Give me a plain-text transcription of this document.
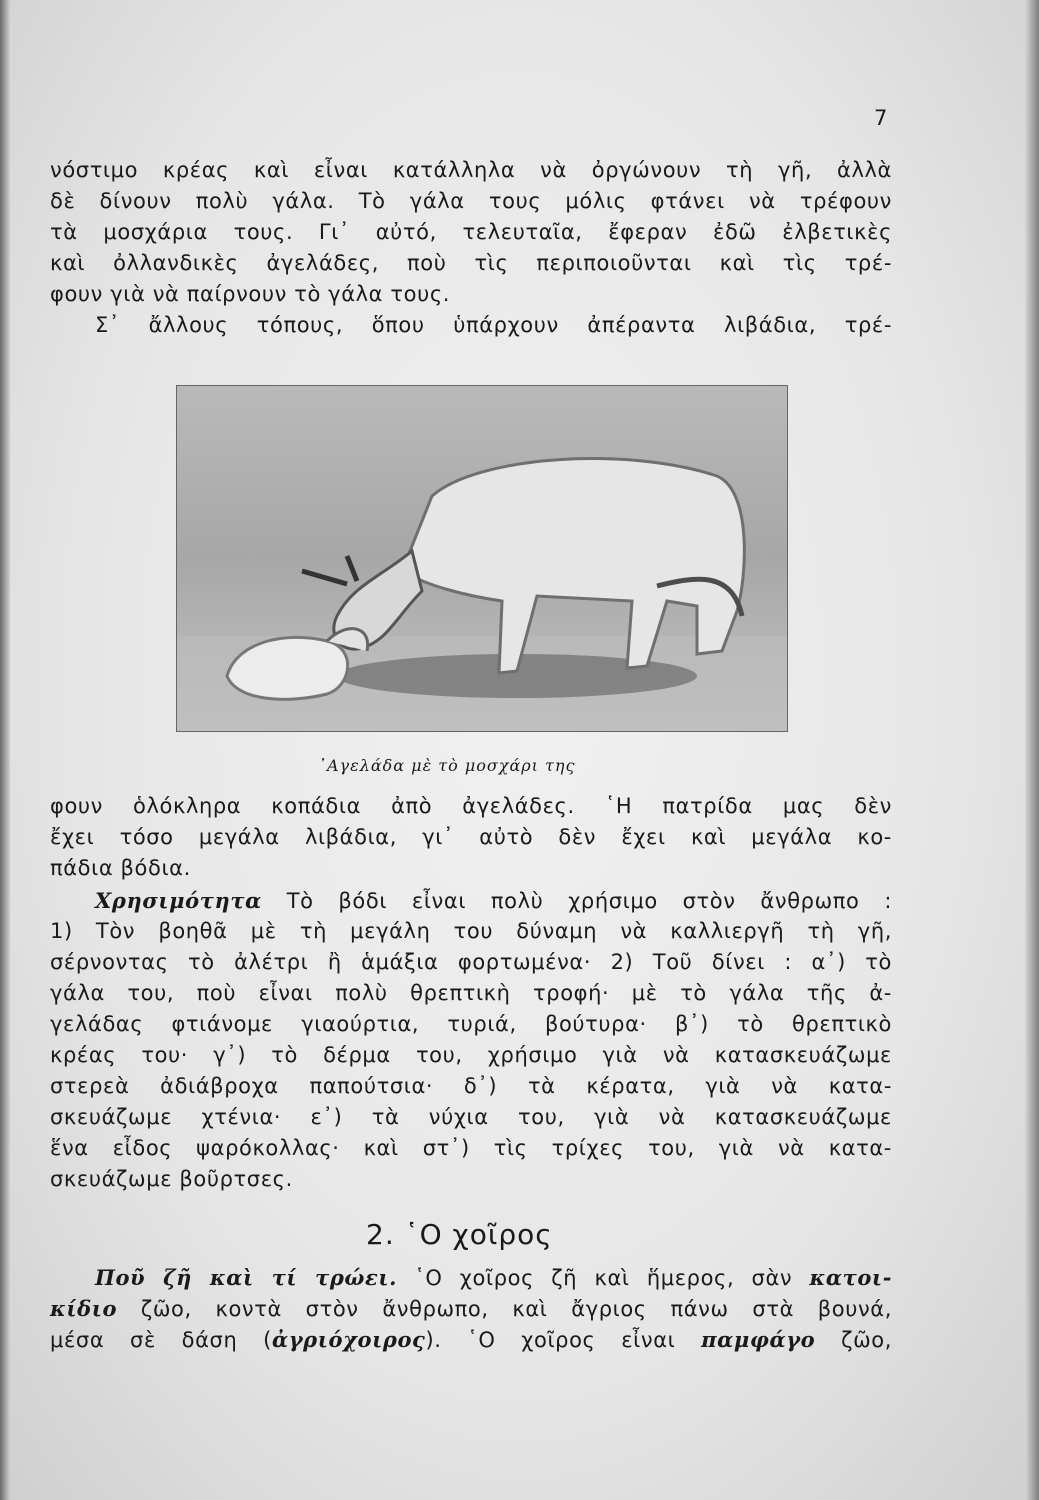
7
νόστιμο κρέας καὶ εἶναι κατάλληλα νὰ ὀργώνουν τὴ γῆ, ἀλλὰ
δὲ δίνουν πολὺ γάλα. Τὸ γάλα τους μόλις φτάνει νὰ τρέφουν
τὰ μοσχάρια τους. Γι᾿ αὐτό, τελευταῖα, ἔφεραν ἐδῶ ἐλβετικὲς
καὶ ὀλλανδικὲς ἀγελάδες, ποὺ τὶς περιποιοῦνται καὶ τὶς τρέ-
φουν γιὰ νὰ παίρνουν τὸ γάλα τους.
Σ᾿ ἄλλους τόπους, ὅπου ὑπάρχουν ἀπέραντα λιβάδια, τρέ-
᾿Αγελάδα μὲ τὸ μοσχάρι της
φουν ὁλόκληρα κοπάδια ἀπὸ ἀγελάδες. ῾Η πατρίδα μας δὲν
ἔχει τόσο μεγάλα λιβάδια, γι᾿ αὐτὸ δὲν ἔχει καὶ μεγάλα κο-
πάδια βόδια.
Χρησιμότητα Τὸ βόδι εἶναι πολὺ χρήσιμο στὸν ἄνθρωπο :
1) Τὸν βοηθᾶ μὲ τὴ μεγάλη του δύναμη νὰ καλλιεργῆ τὴ γῆ,
σέρνοντας τὸ ἀλέτρι ἢ ἁμάξια φορτωμένα· 2) Τοῦ δίνει : α᾿) τὸ
γάλα του, ποὺ εἶναι πολὺ θρεπτικὴ τροφή· μὲ τὸ γάλα τῆς ἀ-
γελάδας φτιάνομε γιαούρτια, τυριά, βούτυρα· β᾿) τὸ θρεπτικὸ
κρέας του· γ᾿) τὸ δέρμα του, χρήσιμο γιὰ νὰ κατασκευάζωμε
στερεὰ ἀδιάβροχα παπούτσια· δ᾿) τὰ κέρατα, γιὰ νὰ κατα-
σκευάζωμε χτένια· ε᾿) τὰ νύχια του, γιὰ νὰ κατασκευάζωμε
ἕνα εἶδος ψαρόκολλας· καὶ στ᾿) τὶς τρίχες του, γιὰ νὰ κατα-
σκευάζωμε βοῦρτσες.
2. ῾Ο χοῖρος
Ποῦ ζῆ καὶ τί τρώει. ῾Ο χοῖρος ζῆ καὶ ἥμερος, σὰν κατοι-
κίδιο ζῶο, κοντὰ στὸν ἄνθρωπο, καὶ ἄγριος πάνω στὰ βουνά,
μέσα σὲ δάση (ἀγριόχοιρος). ῾Ο χοῖρος εἶναι παμφάγο ζῶο,
